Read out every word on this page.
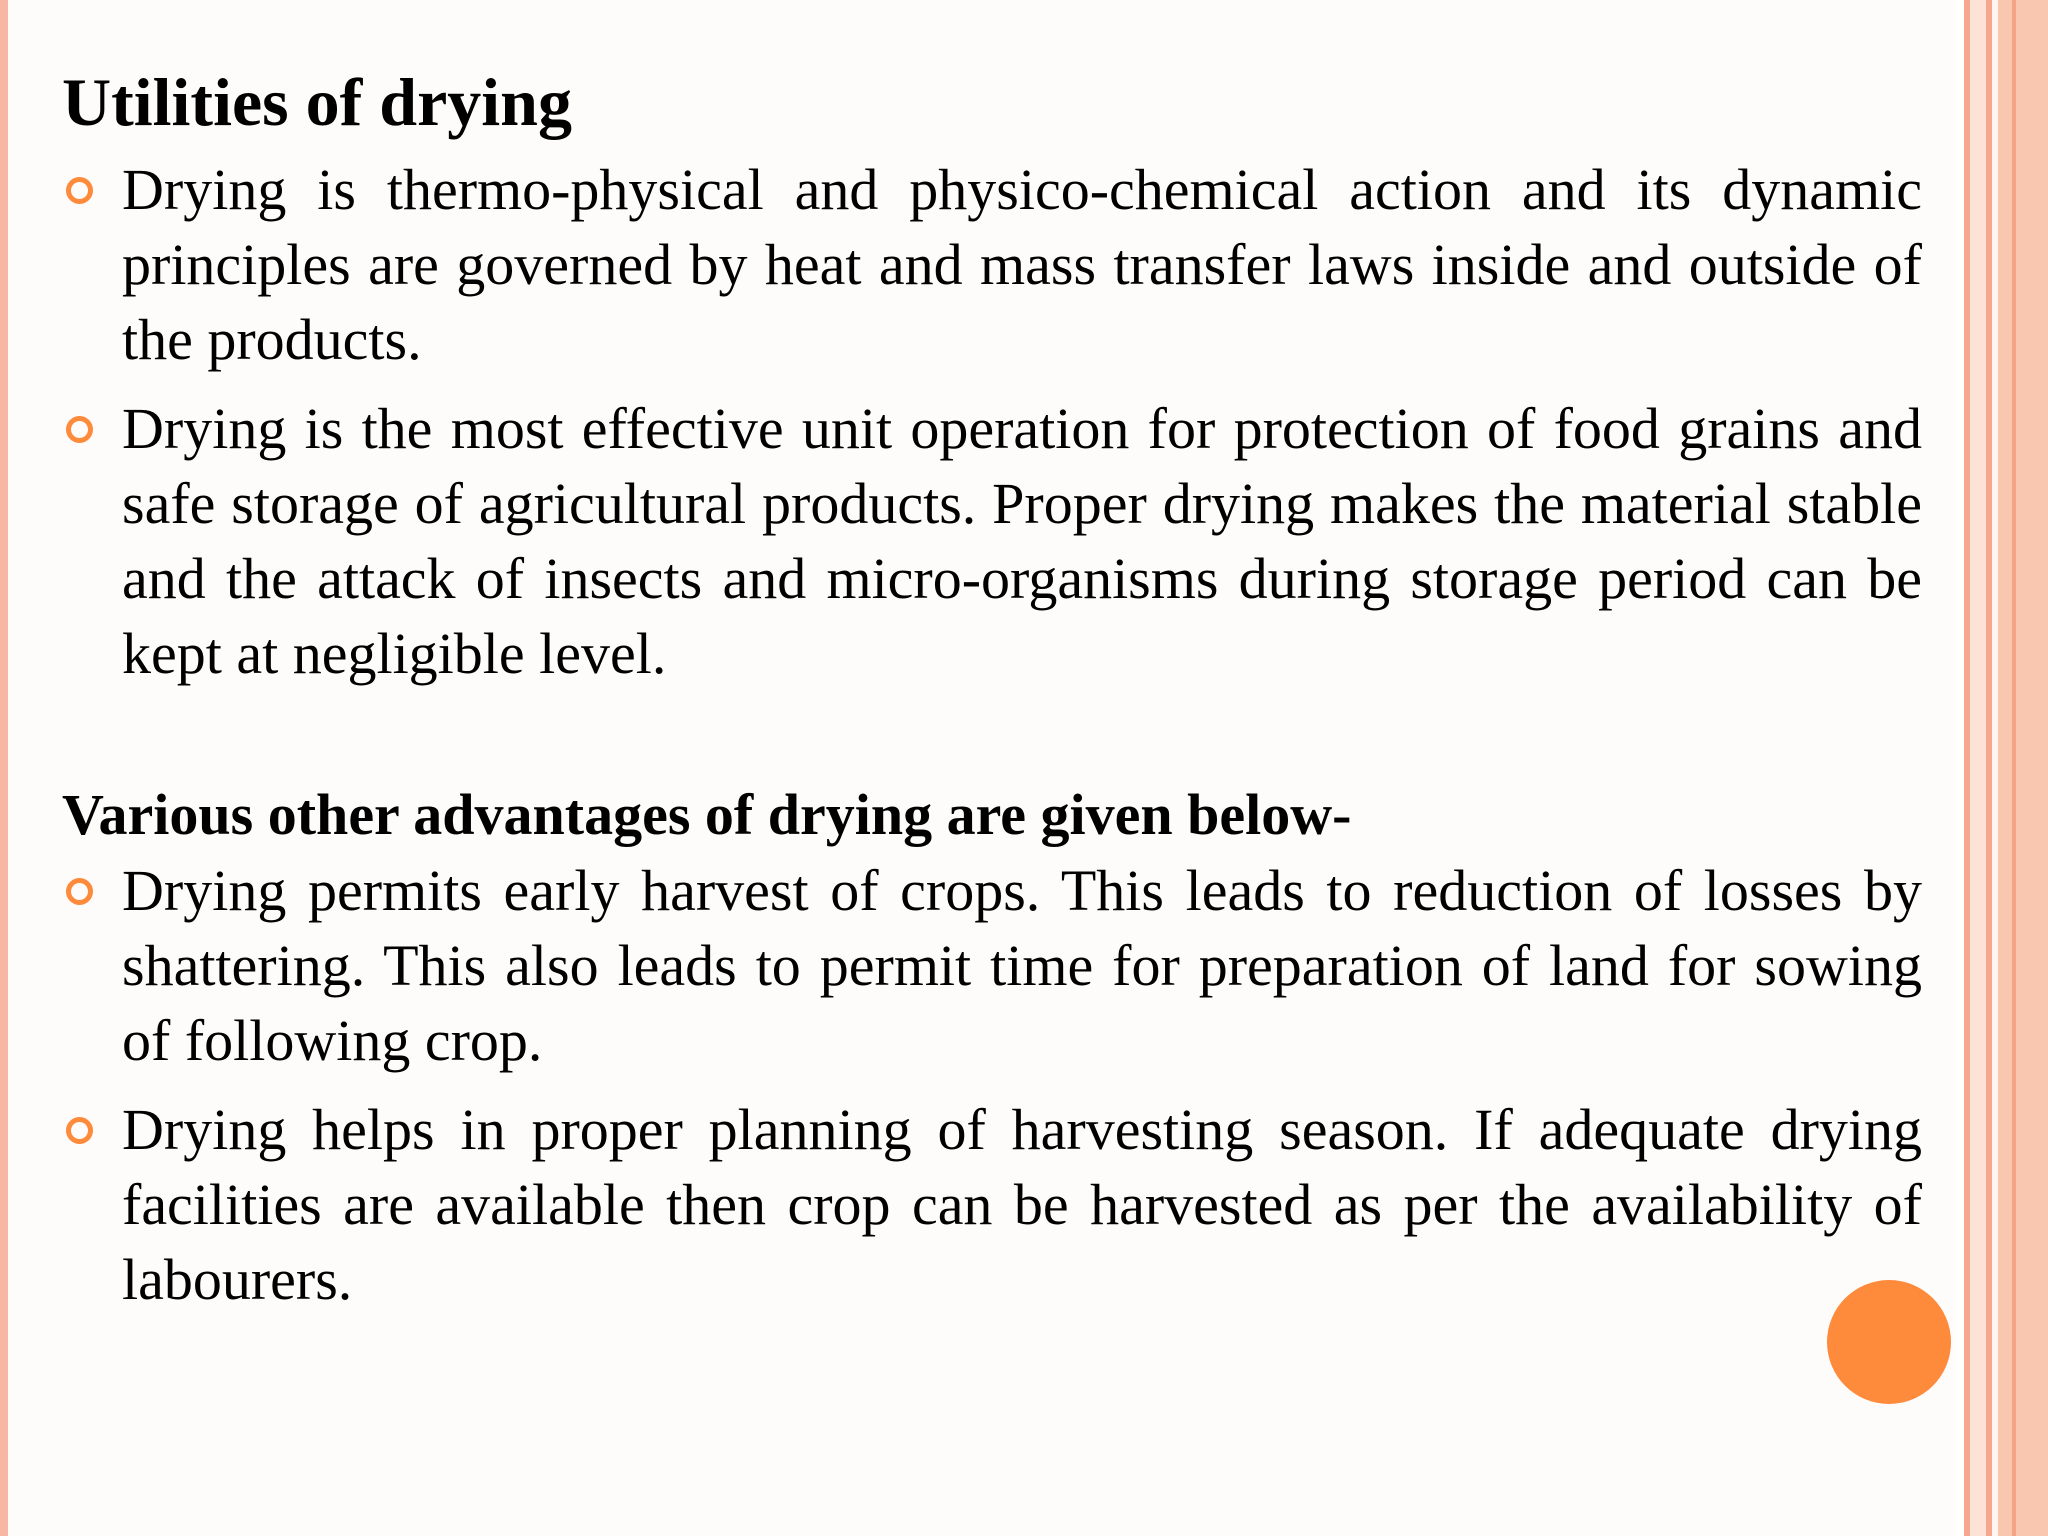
Utilities of drying
Drying is thermo-physical and physico-chemical action and its dynamic principles are governed by heat and mass transfer laws inside and outside of the products.
Drying is the most effective unit operation for protection of food grains and safe storage of agricultural products. Proper drying makes the material stable and the attack of insects and micro-organisms during storage period can be kept at negligible level.
Various other advantages of drying are given below-
Drying permits early harvest of crops. This leads to reduction of losses by shattering. This also leads to permit time for preparation of land for sowing of following crop.
Drying helps in proper planning of harvesting season. If adequate drying facilities are available then crop can be harvested as per the availability of labourers.
